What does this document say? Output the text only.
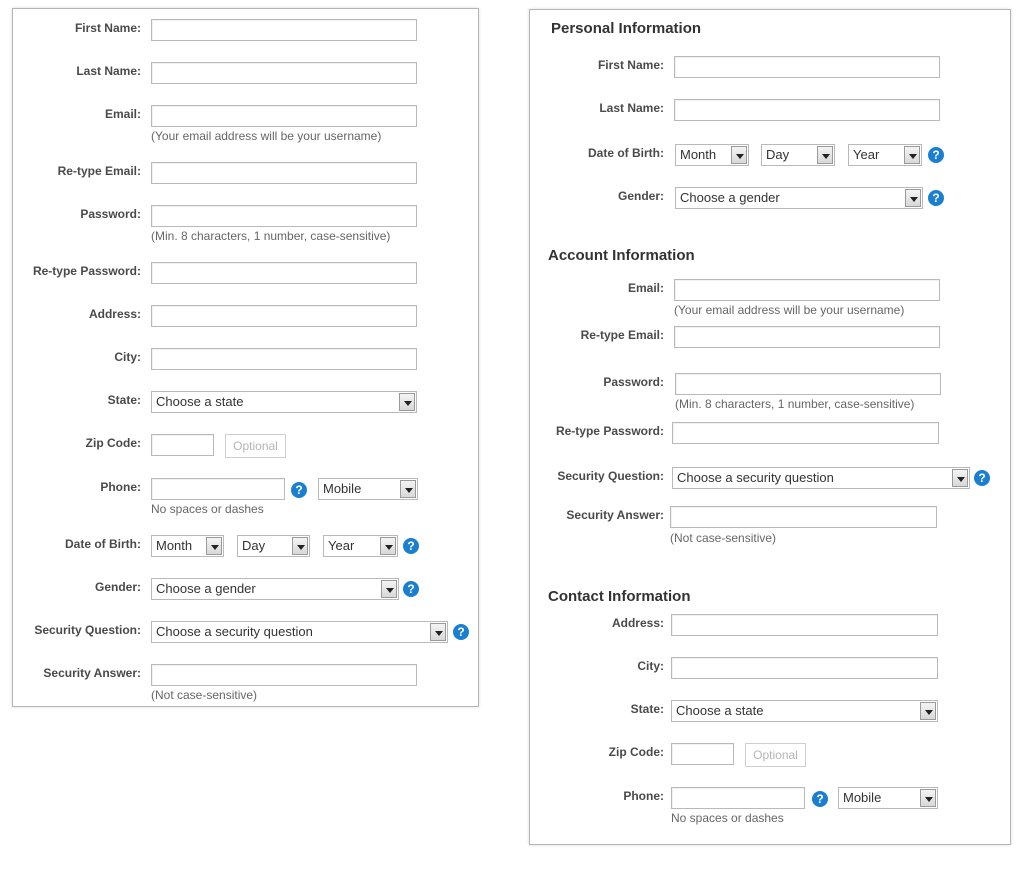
First Name:
Last Name:
Email:
(Your email address will be your username)
Re-type Email:
Password:
(Min. 8 characters, 1 number, case-sensitive)
Re-type Password:
Address:
City:
State:	Choose a state
Zip Code:	Optional
Phone:	?	Mobile
No spaces or dashes
Date of Birth:	Month	Day	Year	?
Gender:	Choose a gender	?
Security Question:	Choose a security question	?
Security Answer:
(Not case-sensitive)
Personal Information
First Name:
Last Name:
Date of Birth:	Month	Day	Year	?
Gender:	Choose a gender	?
Account Information
Email:
(Your email address will be your username)
Re-type Email:
Password:
(Min. 8 characters, 1 number, case-sensitive)
Re-type Password:
Security Question:	Choose a security question	?
Security Answer:
(Not case-sensitive)
Contact Information
Address:
City:
State: Choose a state
Zip Code:	Optional
Phone:	?	Mobile
No spaces or dashes
